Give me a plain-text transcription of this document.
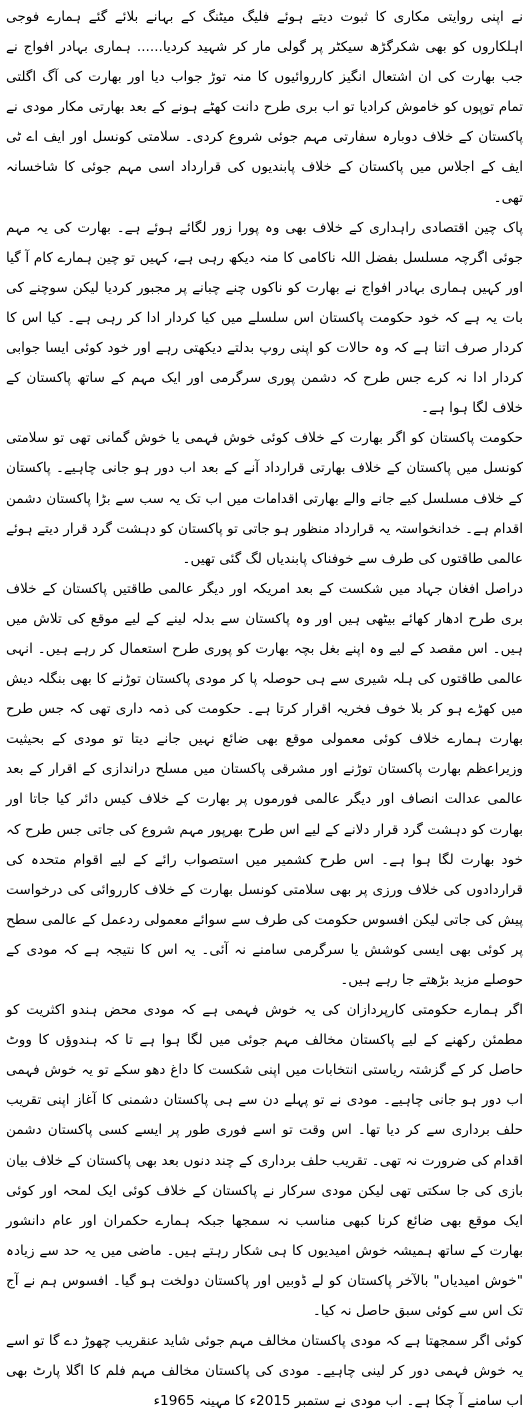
نے اپنی روایتی مکاری کا ثبوت دیتے ہوئے فلیگ میٹنگ کے بہانے بلائے گئے ہمارے فوجی اہلکاروں کو بھی شکرگڑھ سیکٹر پر گولی مار کر شہید کردیا...... ہماری بہادر افواج نے جب بھارت کی ان اشتعال انگیز کارروائیوں کا منہ توڑ جواب دیا اور بھارت کی آگ اگلتی تمام توپوں کو خاموش کرادیا تو اب بری طرح دانت کھٹے ہونے کے بعد بھارتی مکار مودی نے پاکستان کے خلاف دوبارہ سفارتی مہم جوئی شروع کردی۔ سلامتی کونسل اور ایف اے ٹی ایف کے اجلاس میں پاکستان کے خلاف پابندیوں کی قرارداد اسی مہم جوئی کا شاخسانہ تھی۔

پاک چین اقتصادی راہداری کے خلاف بھی وہ پورا زور لگائے ہوئے ہے۔ بھارت کی یہ مہم جوئی اگرچہ مسلسل بفضل اللہ ناکامی کا منہ دیکھ رہی ہے، کہیں تو چین ہمارے کام آ گیا اور کہیں ہماری بہادر افواج نے بھارت کو ناکوں چنے چبانے پر مجبور کردیا لیکن سوچنے کی بات یہ ہے کہ خود حکومت پاکستان اس سلسلے میں کیا کردار ادا کر رہی ہے۔ کیا اس کا کردار صرف اتنا ہے کہ وہ حالات کو اپنی روپ بدلتے دیکھتی رہے اور خود کوئی ایسا جوابی کردار ادا نہ کرے جس طرح کہ دشمن پوری سرگرمی اور ایک مہم کے ساتھ پاکستان کے خلاف لگا ہوا ہے۔

حکومت پاکستان کو اگر بھارت کے خلاف کوئی خوش فہمی یا خوش گمانی تھی تو سلامتی کونسل میں پاکستان کے خلاف بھارتی قرارداد آنے کے بعد اب دور ہو جانی چاہیے۔ پاکستان کے خلاف مسلسل کیے جانے والے بھارتی اقدامات میں اب تک یہ سب سے بڑا پاکستان دشمن اقدام ہے۔ خدانخواستہ یہ قرارداد منظور ہو جاتی تو پاکستان کو دہشت گرد قرار دیتے ہوئے عالمی طاقتوں کی طرف سے خوفناک پابندیاں لگ گئی تھیں۔

دراصل افغان جہاد میں شکست کے بعد امریکہ اور دیگر عالمی طاقتیں پاکستان کے خلاف بری طرح ادھار کھائے بیٹھی ہیں اور وہ پاکستان سے بدلہ لینے کے لیے موقع کی تلاش میں ہیں۔ اس مقصد کے لیے وہ اپنے بغل بچہ بھارت کو پوری طرح استعمال کر رہے ہیں۔ انہی عالمی طاقتوں کی ہلہ شیری سے ہی حوصلہ پا کر مودی پاکستان توڑنے کا بھی بنگلہ دیش میں کھڑے ہو کر بلا خوف فخریہ اقرار کرتا ہے۔ حکومت کی ذمہ داری تھی کہ جس طرح بھارت ہمارے خلاف کوئی معمولی موقع بھی ضائع نہیں جانے دیتا تو مودی کے بحیثیت وزیراعظم بھارت پاکستان توڑنے اور مشرقی پاکستان میں مسلح دراندازی کے اقرار کے بعد عالمی عدالت انصاف اور دیگر عالمی فورموں پر بھارت کے خلاف کیس دائر کیا جاتا اور بھارت کو دہشت گرد قرار دلانے کے لیے اس طرح بھرپور مہم شروع کی جاتی جس طرح کہ خود بھارت لگا ہوا ہے۔ اس طرح کشمیر میں استصواب رائے کے لیے اقوام متحدہ کی قراردادوں کی خلاف ورزی پر بھی سلامتی کونسل بھارت کے خلاف کارروائی کی درخواست پیش کی جاتی لیکن افسوس حکومت کی طرف سے سوائے معمولی ردعمل کے عالمی سطح پر کوئی بھی ایسی کوشش یا سرگرمی سامنے نہ آئی۔ یہ اس کا نتیجہ ہے کہ مودی کے حوصلے مزید بڑھتے جا رہے ہیں۔

اگر ہمارے حکومتی کارپردازان کی یہ خوش فہمی ہے کہ مودی محض ہندو اکثریت کو مطمئن رکھنے کے لیے پاکستان مخالف مہم جوئی میں لگا ہوا ہے تا کہ ہندوؤں کا ووٹ حاصل کر کے گزشتہ ریاستی انتخابات میں اپنی شکست کا داغ دھو سکے تو یہ خوش فہمی اب دور ہو جانی چاہیے۔ مودی نے تو پہلے دن سے ہی پاکستان دشمنی کا آغاز اپنی تقریب حلف برداری سے کر دیا تھا۔ اس وقت تو اسے فوری طور پر ایسے کسی پاکستان دشمن اقدام کی ضرورت نہ تھی۔ تقریب حلف برداری کے چند دنوں بعد بھی پاکستان کے خلاف بیان بازی کی جا سکتی تھی لیکن مودی سرکار نے پاکستان کے خلاف کوئی ایک لمحہ اور کوئی ایک موقع بھی ضائع کرنا کبھی مناسب نہ سمجھا جبکہ ہمارے حکمران اور عام دانشور بھارت کے ساتھ ہمیشہ خوش امیدیوں کا ہی شکار رہتے ہیں۔ ماضی میں یہ حد سے زیادہ "خوش امیدیاں" بالآخر پاکستان کو لے ڈوبیں اور پاکستان دولخت ہو گیا۔ افسوس ہم نے آج تک اس سے کوئی سبق حاصل نہ کیا۔

کوئی اگر سمجھتا ہے کہ مودی پاکستان مخالف مہم جوئی شاید عنقریب چھوڑ دے گا تو اسے یہ خوش فہمی دور کر لینی چاہیے۔ مودی کی پاکستان مخالف مہم فلم کا اگلا پارٹ بھی اب سامنے آ چکا ہے۔ اب مودی نے ستمبر 2015ء کا مہینہ 1965ء
